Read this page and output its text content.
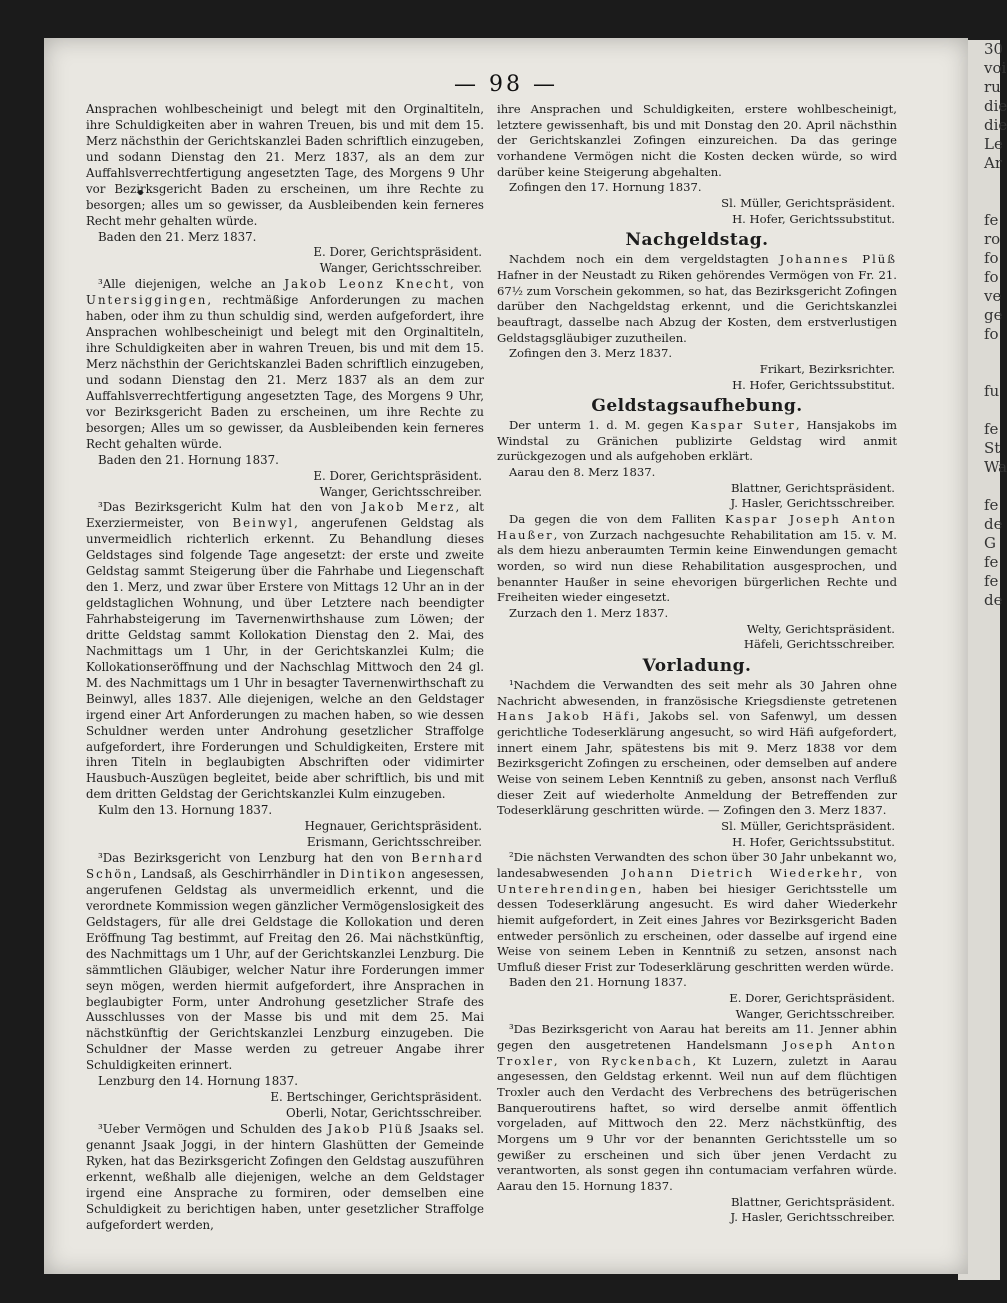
30
voi
ru
die
die
Le
Ar

fe
ro
fo
fo
ve
ge
fo

fu

fe
St
Wa

fe
de
G
fe
fe
de
— 98 —

Ansprachen wohlbescheinigt und belegt mit den Orginaltiteln, ihre Schuldigkeiten aber in wahren Treuen, bis und mit dem 15. Merz nächsthin der Gerichtskanzlei Baden schriftlich einzugeben, und sodann Dienstag den 21. Merz 1837, als an dem zur Auffahlsverrechtfertigung angesetzten Tage, des Morgens 9 Uhr vor Bezirksgericht Baden zu erscheinen, um ihre Rechte zu besorgen; alles um so gewisser, da Ausbleibenden kein ferneres Recht mehr gehalten würde.

Baden den 21. Merz 1837.

E. Dorer, Gerichtspräsident.

Wanger, Gerichtsschreiber.

³Alle diejenigen, welche an Jakob Leonz Knecht, von Untersiggingen, rechtmäßige Anforderungen zu machen haben, oder ihm zu thun schuldig sind, werden aufgefordert, ihre Ansprachen wohlbescheinigt und belegt mit den Orginaltiteln, ihre Schuldigkeiten aber in wahren Treuen, bis und mit dem 15. Merz nächsthin der Gerichtskanzlei Baden schriftlich einzugeben, und sodann Dienstag den 21. Merz 1837 als an dem zur Auffahlsverrechtfertigung angesetzten Tage, des Morgens 9 Uhr, vor Bezirksgericht Baden zu erscheinen, um ihre Rechte zu besorgen; Alles um so gewisser, da Ausbleibenden kein ferneres Recht gehalten würde.

Baden den 21. Hornung 1837.

E. Dorer, Gerichtspräsident.

Wanger, Gerichtsschreiber.

³Das Bezirksgericht Kulm hat den von Jakob Merz, alt Exerziermeister, von Beinwyl, angerufenen Geldstag als unvermeidlich richterlich erkennt. Zu Behandlung dieses Geldstages sind folgende Tage angesetzt: der erste und zweite Geldstag sammt Steigerung über die Fahrhabe und Liegenschaft den 1. Merz, und zwar über Erstere von Mittags 12 Uhr an in der geldstaglichen Wohnung, und über Letztere nach beendigter Fahrhabsteigerung im Tavernenwirthshause zum Löwen; der dritte Geldstag sammt Kollokation Dienstag den 2. Mai, des Nachmittags um 1 Uhr, in der Gerichtskanzlei Kulm; die Kollokationseröffnung und der Nachschlag Mittwoch den 24 gl. M. des Nachmittags um 1 Uhr in besagter Tavernenwirthschaft zu Beinwyl, alles 1837. Alle diejenigen, welche an den Geldstager irgend einer Art Anforderungen zu machen haben, so wie dessen Schuldner werden unter Androhung gesetzlicher Straffolge aufgefordert, ihre Forderungen und Schuldigkeiten, Erstere mit ihren Titeln in beglaubigten Abschriften oder vidimirter Hausbuch-Auszügen begleitet, beide aber schriftlich, bis und mit dem dritten Geldstag der Gerichtskanzlei Kulm einzugeben.

Kulm den 13. Hornung 1837.

Hegnauer, Gerichtspräsident.

Erismann, Gerichtsschreiber.

³Das Bezirksgericht von Lenzburg hat den von Bernhard Schön, Landsaß, als Geschirrhändler in Dintikon angesessen, angerufenen Geldstag als unvermeidlich erkennt, und die verordnete Kommission wegen gänzlicher Vermögenslosigkeit des Geldstagers, für alle drei Geldstage die Kollokation und deren Eröffnung Tag bestimmt, auf Freitag den 26. Mai nächstkünftig, des Nachmittags um 1 Uhr, auf der Gerichtskanzlei Lenzburg. Die sämmtlichen Gläubiger, welcher Natur ihre Forderungen immer seyn mögen, werden hiermit aufgefordert, ihre Ansprachen in beglaubigter Form, unter Androhung gesetzlicher Strafe des Ausschlusses von der Masse bis und mit dem 25. Mai nächstkünftig der Gerichtskanzlei Lenzburg einzugeben. Die Schuldner der Masse werden zu getreuer Angabe ihrer Schuldigkeiten erinnert.

Lenzburg den 14. Hornung 1837.

E. Bertschinger, Gerichtspräsident.

Oberli, Notar, Gerichtsschreiber.

³Ueber Vermögen und Schulden des Jakob Plüß Jsaaks sel. genannt Jsaak Joggi, in der hintern Glashütten der Gemeinde Ryken, hat das Bezirksgericht Zofingen den Geldstag auszuführen erkennt, weßhalb alle diejenigen, welche an dem Geldstager irgend eine Ansprache zu formiren, oder demselben eine Schuldigkeit zu berichtigen haben, unter gesetzlicher Straffolge aufgefordert werden,

ihre Ansprachen und Schuldigkeiten, erstere wohlbescheinigt, letztere gewissenhaft, bis und mit Donstag den 20. April nächsthin der Gerichtskanzlei Zofingen einzureichen. Da das geringe vorhandene Vermögen nicht die Kosten decken würde, so wird darüber keine Steigerung abgehalten.

Zofingen den 17. Hornung 1837.

Sl. Müller, Gerichtspräsident.

H. Hofer, Gerichtssubstitut.

Nachgeldstag.

Nachdem noch ein dem vergeldstagten Johannes Plüß Hafner in der Neustadt zu Riken gehörendes Vermögen von Fr. 21. 67½ zum Vorschein gekommen, so hat, das Bezirksgericht Zofingen darüber den Nachgeldstag erkennt, und die Gerichtskanzlei beauftragt, dasselbe nach Abzug der Kosten, dem erstverlustigen Geldstagsgläubiger zuzutheilen.

Zofingen den 3. Merz 1837.

Frikart, Bezirksrichter.

H. Hofer, Gerichtssubstitut.

Geldstagsaufhebung.

Der unterm 1. d. M. gegen Kaspar Suter, Hansjakobs im Windstal zu Gränichen publizirte Geldstag wird anmit zurückgezogen und als aufgehoben erklärt.

Aarau den 8. Merz 1837.

Blattner, Gerichtspräsident.

J. Hasler, Gerichtsschreiber.

Da gegen die von dem Falliten Kaspar Joseph Anton Haußer, von Zurzach nachgesuchte Rehabilitation am 15. v. M. als dem hiezu anberaumten Termin keine Einwendungen gemacht worden, so wird nun diese Rehabilitation ausgesprochen, und benannter Haußer in seine ehevorigen bürgerlichen Rechte und Freiheiten wieder eingesetzt.

Zurzach den 1. Merz 1837.

Welty, Gerichtspräsident.

Häfeli, Gerichtsschreiber.

Vorladung.

¹Nachdem die Verwandten des seit mehr als 30 Jahren ohne Nachricht abwesenden, in französische Kriegsdienste getretenen Hans Jakob Häfi, Jakobs sel. von Safenwyl, um dessen gerichtliche Todeserklärung angesucht, so wird Häfi aufgefordert, innert einem Jahr, spätestens bis mit 9. Merz 1838 vor dem Bezirksgericht Zofingen zu erscheinen, oder demselben auf andere Weise von seinem Leben Kenntniß zu geben, ansonst nach Verfluß dieser Zeit auf wiederholte Anmeldung der Betreffenden zur Todeserklärung geschritten würde. — Zofingen den 3. Merz 1837.

Sl. Müller, Gerichtspräsident.

H. Hofer, Gerichtssubstitut.

²Die nächsten Verwandten des schon über 30 Jahr unbekannt wo, landesabwesenden Johann Dietrich Wiederkehr, von Unterehrendingen, haben bei hiesiger Gerichtsstelle um dessen Todeserklärung angesucht. Es wird daher Wiederkehr hiemit aufgefordert, in Zeit eines Jahres vor Bezirksgericht Baden entweder persönlich zu erscheinen, oder dasselbe auf irgend eine Weise von seinem Leben in Kenntniß zu setzen, ansonst nach Umfluß dieser Frist zur Todeserklärung geschritten werden würde.

Baden den 21. Hornung 1837.

E. Dorer, Gerichtspräsident.

Wanger, Gerichtsschreiber.

³Das Bezirksgericht von Aarau hat bereits am 11. Jenner abhin gegen den ausgetretenen Handelsmann Joseph Anton Troxler, von Ryckenbach, Kt Luzern, zuletzt in Aarau angesessen, den Geldstag erkennt. Weil nun auf dem flüchtigen Troxler auch den Verdacht des Verbrechens des betrügerischen Banqueroutirens haftet, so wird derselbe anmit öffentlich vorgeladen, auf Mittwoch den 22. Merz nächstkünftig, des Morgens um 9 Uhr vor der benannten Gerichtsstelle um so gewißer zu erscheinen und sich über jenen Verdacht zu verantworten, als sonst gegen ihn contumaciam verfahren würde. Aarau den 15. Hornung 1837.

Blattner, Gerichtspräsident.

J. Hasler, Gerichtsschreiber.
